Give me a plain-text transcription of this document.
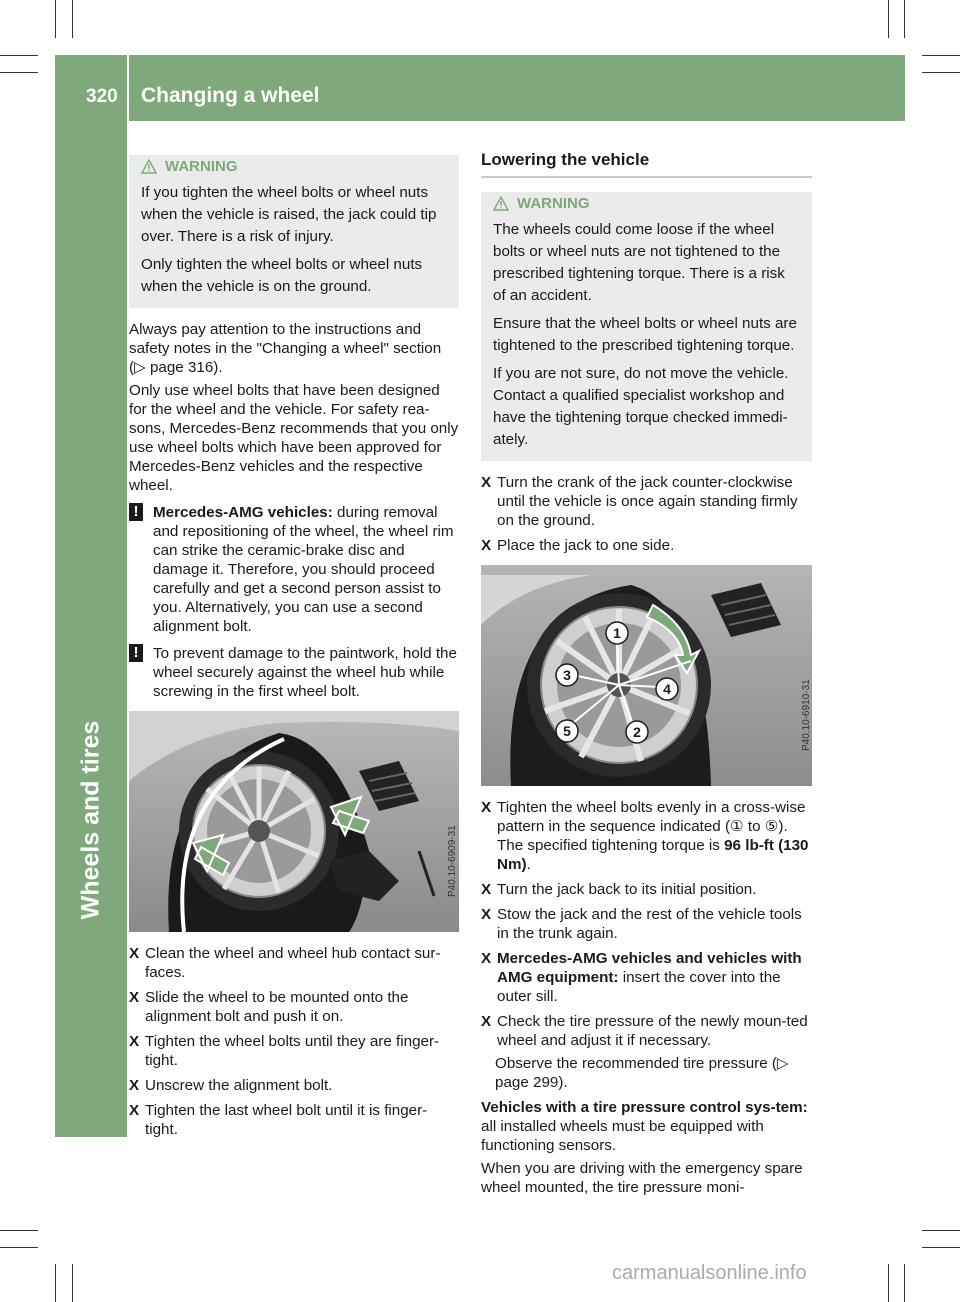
320 Changing a wheel
Wheels and tires
WARNING

If you tighten the wheel bolts or wheel nuts when the vehicle is raised, the jack could tip over. There is a risk of injury.

Only tighten the wheel bolts or wheel nuts when the vehicle is on the ground.

Always pay attention to the instructions and safety notes in the "Changing a wheel" section (▷ page 316).

Only use wheel bolts that have been designed for the wheel and the vehicle. For safety rea-sons, Mercedes-Benz recommends that you only use wheel bolts which have been approved for Mercedes-Benz vehicles and the respective wheel.

! Mercedes-AMG vehicles: during removal and repositioning of the wheel, the wheel rim can strike the ceramic-brake disc and damage it. Therefore, you should proceed carefully and get a second person assist to you. Alternatively, you can use a second alignment bolt.
! To prevent damage to the paintwork, hold the wheel securely against the wheel hub while screwing in the first wheel bolt.
P40.10-6909-31
X Clean the wheel and wheel hub contact sur-faces.
X Slide the wheel to be mounted onto the alignment bolt and push it on.
X Tighten the wheel bolts until they are finger-tight.
X Unscrew the alignment bolt.
X Tighten the last wheel bolt until it is finger-tight.
Lowering the vehicle
WARNING

The wheels could come loose if the wheel bolts or wheel nuts are not tightened to the prescribed tightening torque. There is a risk of an accident.

Ensure that the wheel bolts or wheel nuts are tightened to the prescribed tightening torque.

If you are not sure, do not move the vehicle. Contact a qualified specialist workshop and have the tightening torque checked immedi-ately.

X Turn the crank of the jack counter-clockwise until the vehicle is once again standing firmly on the ground.
X Place the jack to one side.
1
2
3
4
5	P40.10-6910-31
X Tighten the wheel bolts evenly in a cross-wise pattern in the sequence indicated (① to ⑤). The specified tightening torque is 96 lb-ft (130 Nm).
X Turn the jack back to its initial position.
X Stow the jack and the rest of the vehicle tools in the trunk again.
X Mercedes-AMG vehicles and vehicles with AMG equipment: insert the cover into the outer sill.
X Check the tire pressure of the newly moun-ted wheel and adjust it if necessary.
Observe the recommended tire pressure (▷ page 299).

Vehicles with a tire pressure control sys-tem: all installed wheels must be equipped with functioning sensors.

When you are driving with the emergency spare wheel mounted, the tire pressure moni-

carmanualsonline.info
